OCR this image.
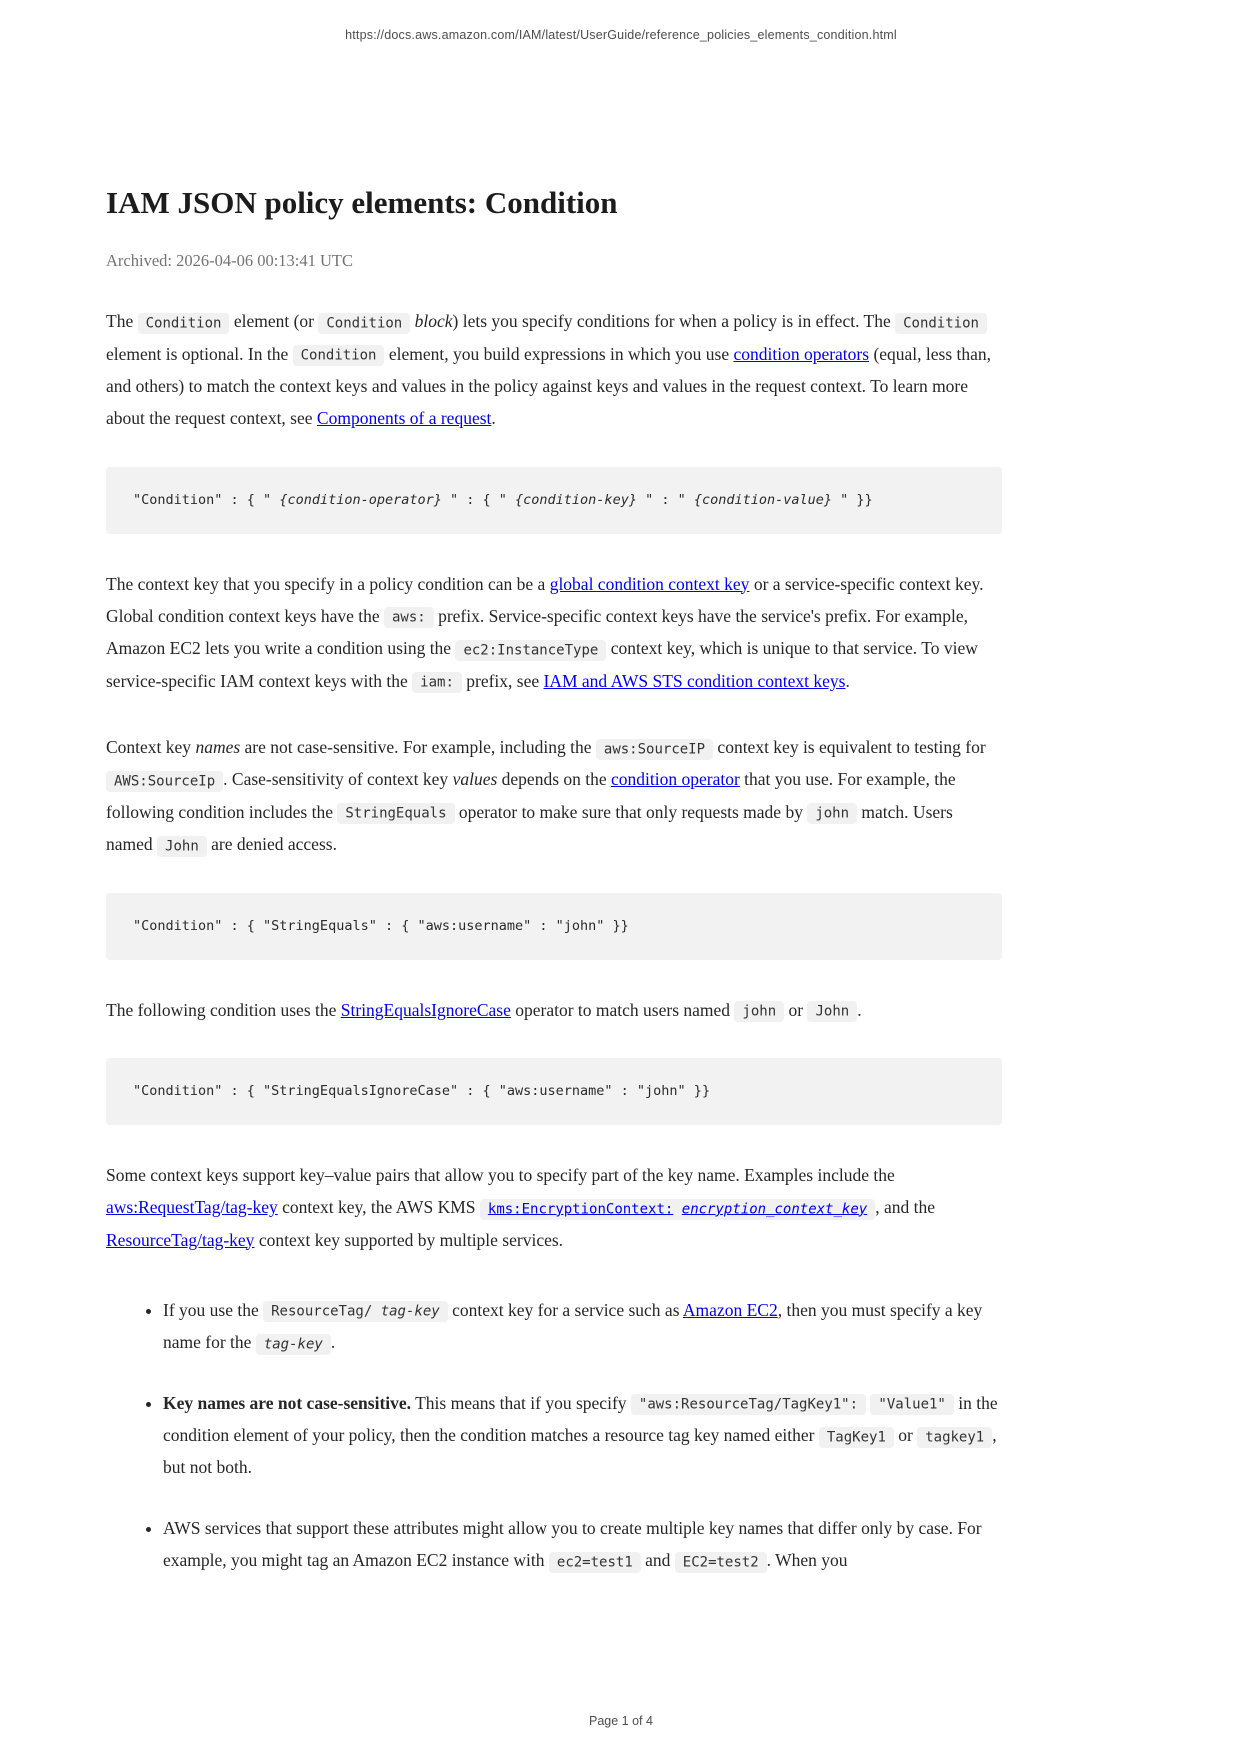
https://docs.aws.amazon.com/IAM/latest/UserGuide/reference_policies_elements_condition.html
IAM JSON policy elements: Condition

Archived: 2026-04-06 00:13:41 UTC

The Condition element (or Condition block) lets you specify conditions for when a policy is in effect. The Condition element is optional. In the Condition element, you build expressions in which you use condition operators (equal, less than, and others) to match the context keys and values in the policy against keys and values in the request context. To learn more about the request context, see Components of a request.

"Condition" : { " {condition-operator} " : { " {condition-key} " : " {condition-value} " }}

The context key that you specify in a policy condition can be a global condition context key or a service-specific context key. Global condition context keys have the aws: prefix. Service-specific context keys have the service's prefix. For example, Amazon EC2 lets you write a condition using the ec2:InstanceType context key, which is unique to that service. To view service-specific IAM context keys with the iam: prefix, see IAM and AWS STS condition context keys.

Context key names are not case-sensitive. For example, including the aws:SourceIP context key is equivalent to testing for AWS:SourceIp . Case-sensitivity of context key values depends on the condition operator that you use. For example, the following condition includes the StringEquals operator to make sure that only requests made by john match. Users named John are denied access.

"Condition" : { "StringEquals" : { "aws:username" : "john" }}

The following condition uses the StringEqualsIgnoreCase operator to match users named john or John .

"Condition" : { "StringEqualsIgnoreCase" : { "aws:username" : "john" }}

Some context keys support key–value pairs that allow you to specify part of the key name. Examples include the aws:RequestTag/tag-key context key, the AWS KMS kms:EncryptionContext: encryption_context_key , and the ResourceTag/tag-key context key supported by multiple services.

• If you use the ResourceTag/ tag-key context key for a service such as Amazon EC2, then you must specify a key name for the tag-key .
• Key names are not case-sensitive. This means that if you specify "aws:ResourceTag/TagKey1": "Value1" in the condition element of your policy, then the condition matches a resource tag key named either TagKey1 or tagkey1 , but not both.
• AWS services that support these attributes might allow you to create multiple key names that differ only by case. For example, you might tag an Amazon EC2 instance with ec2=test1 and EC2=test2 . When you
Page 1 of 4
